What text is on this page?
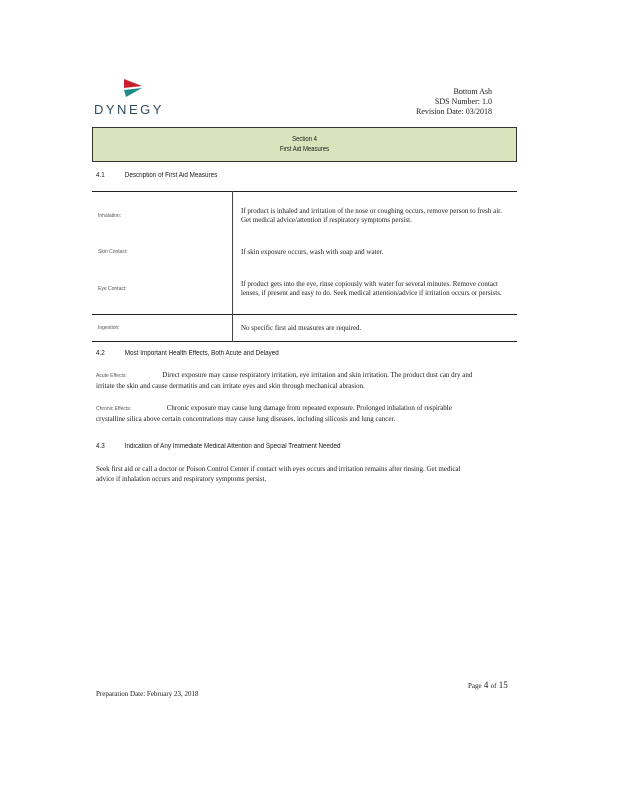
DYNEGY
Bottom Ash
SDS Number: 1.0
Revision Date: 03/2018
Section 4
First Aid Measures
4.1	Description of First Aid Measures
Inhalation:	If product is inhaled and irritation of the nose or coughing occurs, remove person to fresh air. Get medical advice/attention if respiratory symptoms persist.
Skin Contact:	If skin exposure occurs, wash with soap and water.
Eye Contact:	If product gets into the eye, rinse copiously with water for several minutes. Remove contact lenses, if present and easy to do. Seek medical attention/advice if irritation occurs or persists.
Ingestion:	No specific first aid measures are required.
4.2	Most Important Health Effects, Both Acute and Delayed
Acute Effects:	Direct exposure may cause respiratory irritation, eye irritation and skin irritation. The product dust can dry and irritate the skin and cause dermatitis and can irritate eyes and skin through mechanical abrasion.
Chronic Effects:	Chronic exposure may cause lung damage from repeated exposure. Prolonged inhalation of respirable crystalline silica above certain concentrations may cause lung diseases, including silicosis and lung cancer.
4.3	Indication of Any Immediate Medical Attention and Special Treatment Needed
Seek first aid or call a doctor or Poison Control Center if contact with eyes occurs and irritation remains after rinsing. Get medical advice if inhalation occurs and respiratory symptoms persist.
Page 4 of 15
Preparation Date: February 23, 2018
